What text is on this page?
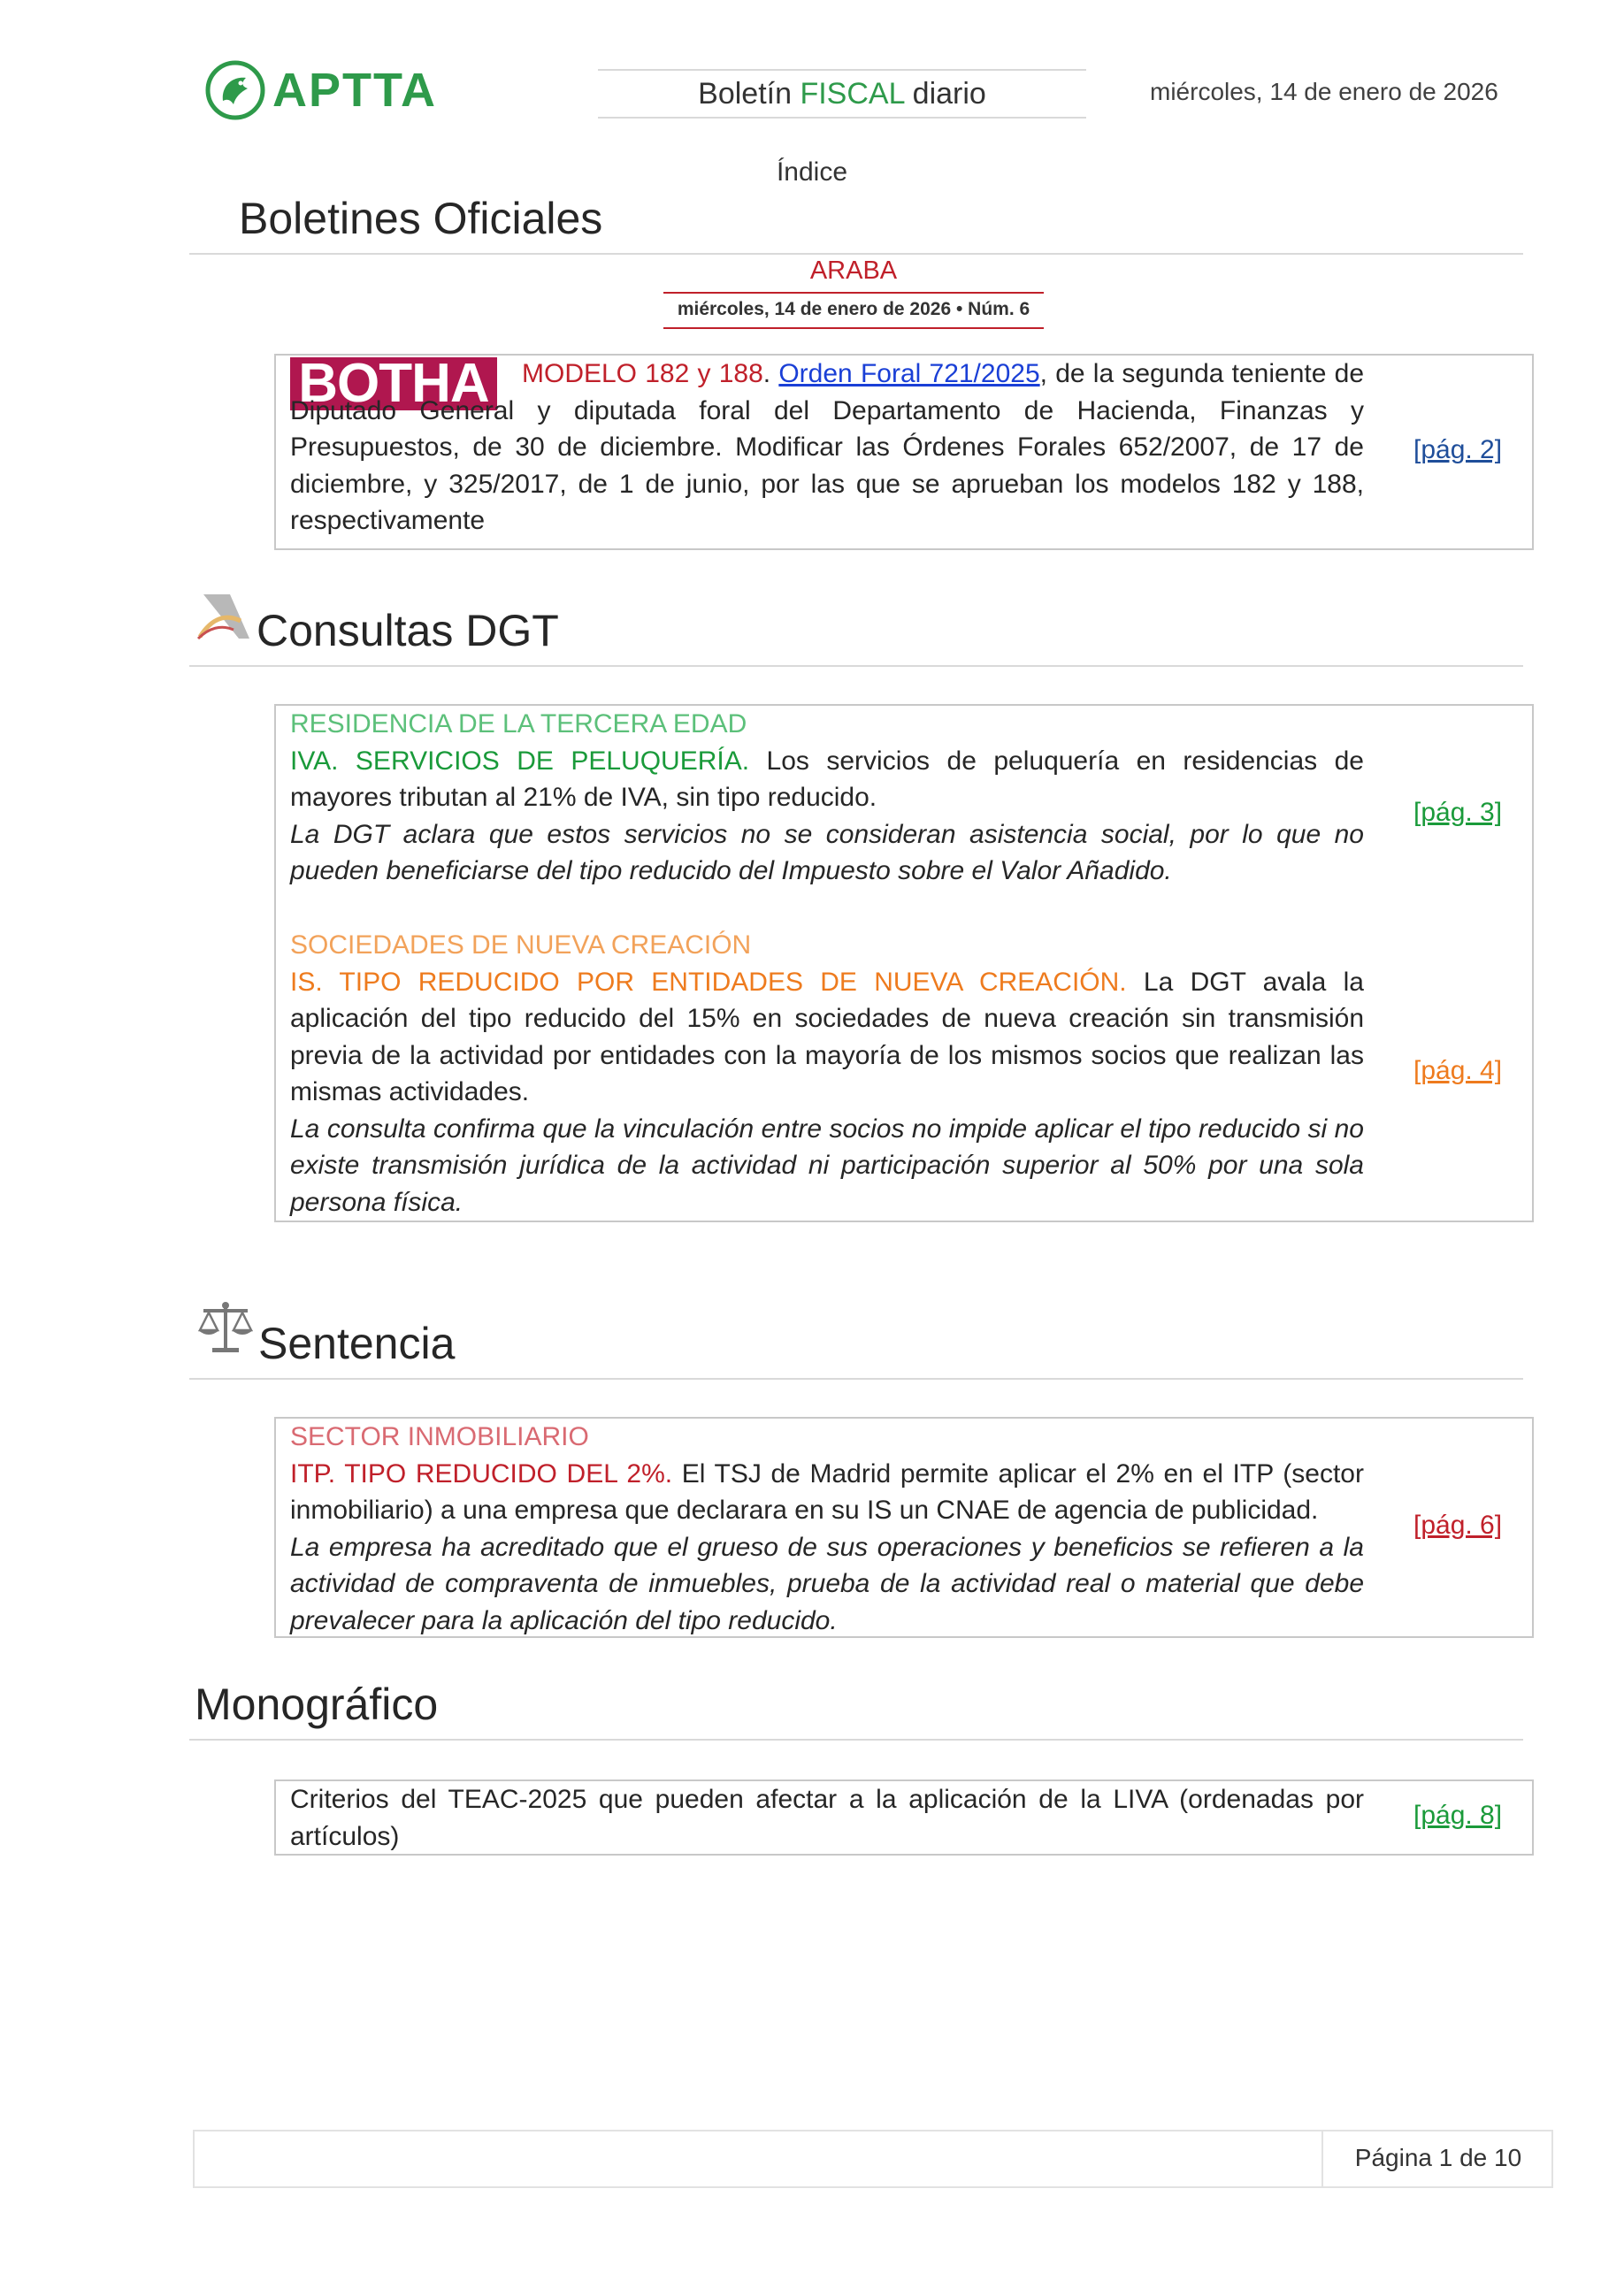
APTTA	Boletín FISCAL diario	miércoles, 14 de enero de 2026
Índice
Boletines Oficiales
ARABA
miércoles, 14 de enero de 2026 • Núm. 6
BOTHA	MODELO 182 y 188. Orden Foral 721/2025, de la segunda teniente de Diputado General y diputada foral del Departamento de Hacienda, Finanzas y Presupuestos, de 30 de diciembre. Modificar las Órdenes Forales 652/2007, de 17 de diciembre, y 325/2017, de 1 de junio, por las que se aprueban los modelos 182 y 188, respectivamente
[pág. 2]
Consultas DGT
RESIDENCIA DE LA TERCERA EDAD
IVA. SERVICIOS DE PELUQUERÍA. Los servicios de peluquería en residencias de mayores tributan al 21% de IVA, sin tipo reducido.
La DGT aclara que estos servicios no se consideran asistencia social, por lo que no pueden beneficiarse del tipo reducido del Impuesto sobre el Valor Añadido.
[pág. 3]
SOCIEDADES DE NUEVA CREACIÓN
IS. TIPO REDUCIDO POR ENTIDADES DE NUEVA CREACIÓN. La DGT avala la aplicación del tipo reducido del 15% en sociedades de nueva creación sin transmisión previa de la actividad por entidades con la mayoría de los mismos socios que realizan las mismas actividades.
La consulta confirma que la vinculación entre socios no impide aplicar el tipo reducido si no existe transmisión jurídica de la actividad ni participación superior al 50% por una sola persona física.
[pág. 4]
Sentencia
SECTOR INMOBILIARIO
ITP. TIPO REDUCIDO DEL 2%. El TSJ de Madrid permite aplicar el 2% en el ITP (sector inmobiliario) a una empresa que declarara en su IS un CNAE de agencia de publicidad.
La empresa ha acreditado que el grueso de sus operaciones y beneficios se refieren a la actividad de compraventa de inmuebles, prueba de la actividad real o material que debe prevalecer para la aplicación del tipo reducido.
[pág. 6]
Monográfico
Criterios del TEAC-2025 que pueden afectar a la aplicación de la LIVA (ordenadas por artículos)
[pág. 8]
Página 1 de 10
